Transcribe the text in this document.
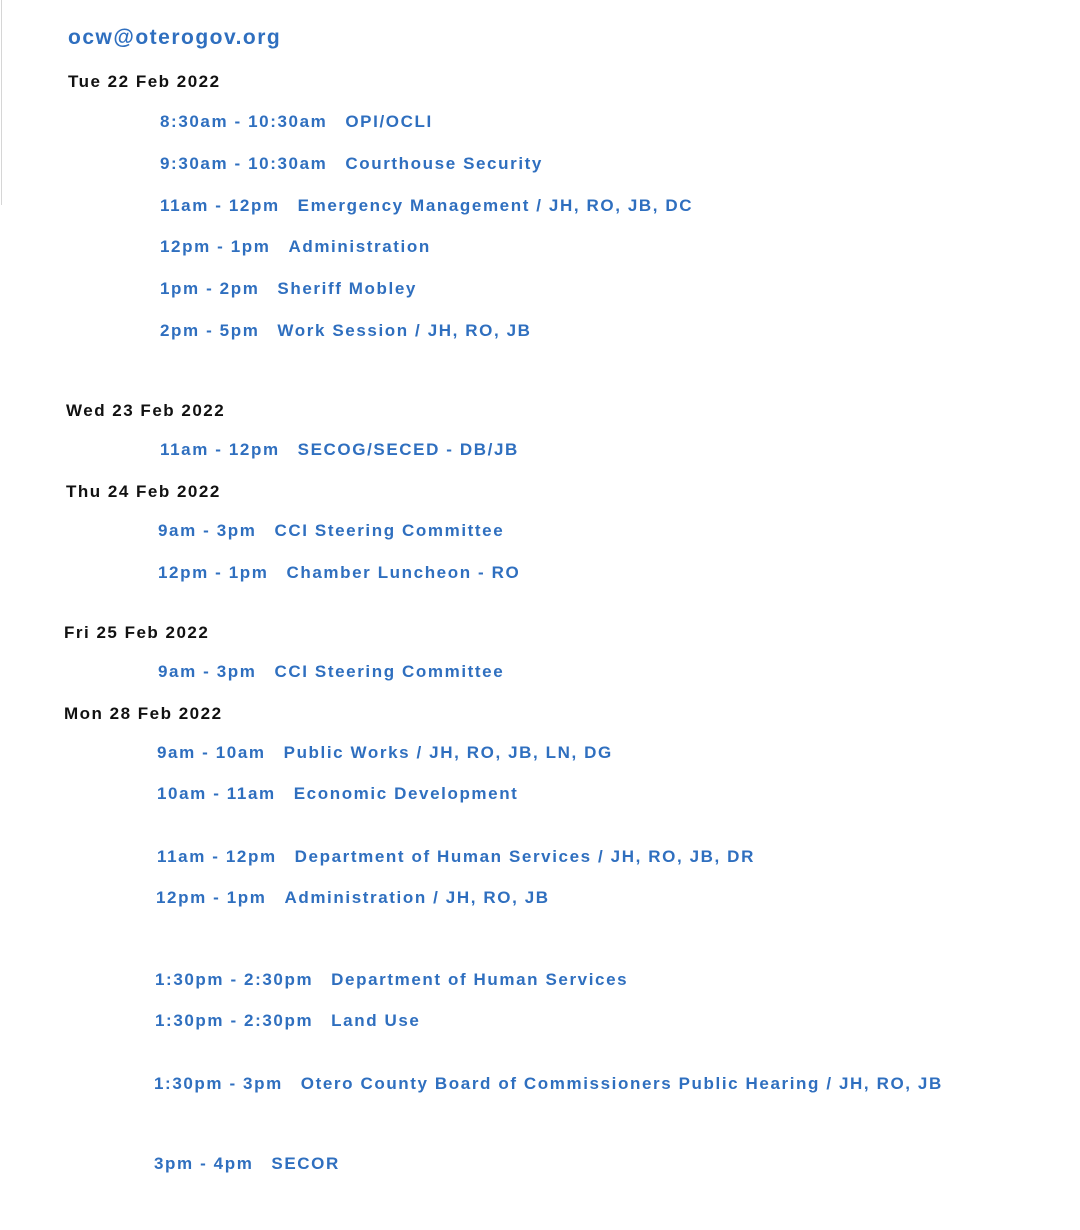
ocw@oterogov.org
Tue 22 Feb 2022
8:30am - 10:30am OPI/OCLI
9:30am - 10:30am Courthouse Security
11am - 12pm Emergency Management / JH, RO, JB, DC
12pm - 1pm Administration
1pm - 2pm Sheriff Mobley
2pm - 5pm Work Session / JH, RO, JB
Wed 23 Feb 2022
11am - 12pm SECOG/SECED - DB/JB
Thu 24 Feb 2022
9am - 3pm CCI Steering Committee
12pm - 1pm Chamber Luncheon - RO
Fri 25 Feb 2022
9am - 3pm CCI Steering Committee
Mon 28 Feb 2022
9am - 10am Public Works / JH, RO, JB, LN, DG
10am - 11am Economic Development
11am - 12pm Department of Human Services / JH, RO, JB, DR
12pm - 1pm Administration / JH, RO, JB
1:30pm - 2:30pm Department of Human Services
1:30pm - 2:30pm Land Use
1:30pm - 3pm Otero County Board of Commissioners Public Hearing / JH, RO, JB
3pm - 4pm SECOR
